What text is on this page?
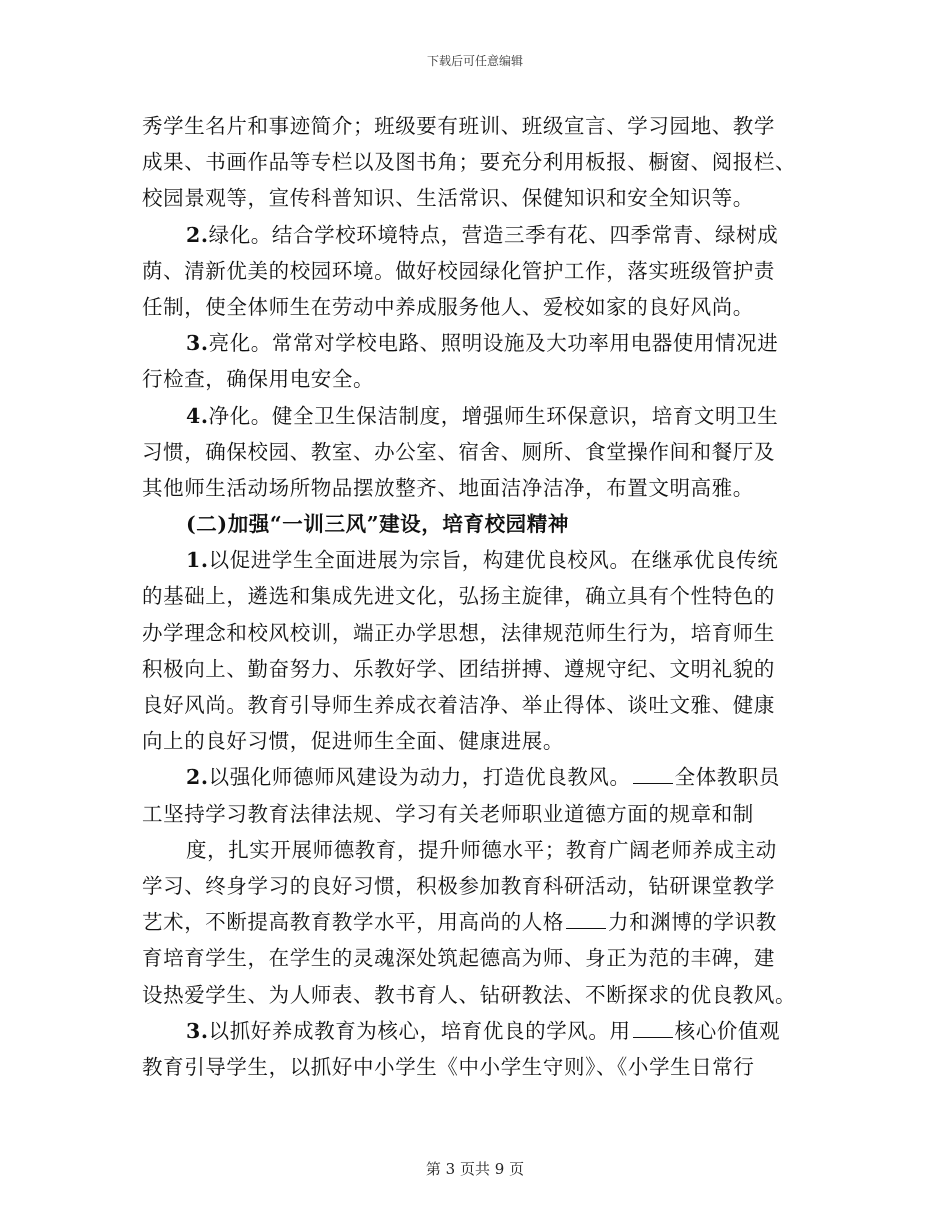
下载后可任意编辑
秀学生名片和事迹简介；班级要有班训、班级宣言、学习园地、教学
成果、书画作品等专栏以及图书角；要充分利用板报、橱窗、阅报栏、
校园景观等，宣传科普知识、生活常识、保健知识和安全知识等。
2.绿化。结合学校环境特点，营造三季有花、四季常青、绿树成
荫、清新优美的校园环境。做好校园绿化管护工作，落实班级管护责
任制，使全体师生在劳动中养成服务他人、爱校如家的良好风尚。
3.亮化。常常对学校电路、照明设施及大功率用电器使用情况进
行检查，确保用电安全。
4.净化。健全卫生保洁制度，增强师生环保意识，培育文明卫生
习惯，确保校园、教室、办公室、宿舍、厕所、食堂操作间和餐厅及
其他师生活动场所物品摆放整齐、地面洁净洁净，布置文明高雅。
(二)加强“一训三风”建设，培育校园精神
1.以促进学生全面进展为宗旨，构建优良校风。在继承优良传统
的基础上，遴选和集成先进文化，弘扬主旋律，确立具有个性特色的
办学理念和校风校训，端正办学思想，法律规范师生行为，培育师生
积极向上、勤奋努力、乐教好学、团结拼搏、遵规守纪、文明礼貌的
良好风尚。教育引导师生养成衣着洁净、举止得体、谈吐文雅、健康
向上的良好习惯，促进师生全面、健康进展。
2.以强化师德师风建设为动力，打造优良教风。 全体教职员
工坚持学习教育法律法规、学习有关老师职业道德方面的规章和制
度，扎实开展师德教育，提升师德水平；教育广阔老师养成主动
学习、终身学习的良好习惯，积极参加教育科研活动，钻研课堂教学
艺术，不断提高教育教学水平，用高尚的人格 力和渊博的学识教
育培育学生，在学生的灵魂深处筑起德高为师、身正为范的丰碑，建
设热爱学生、为人师表、教书育人、钻研教法、不断探求的优良教风。
3.以抓好养成教育为核心，培育优良的学风。用 核心价值观
教育引导学生，以抓好中小学生《中小学生守则》、《小学生日常行
第 3 页共 9 页
